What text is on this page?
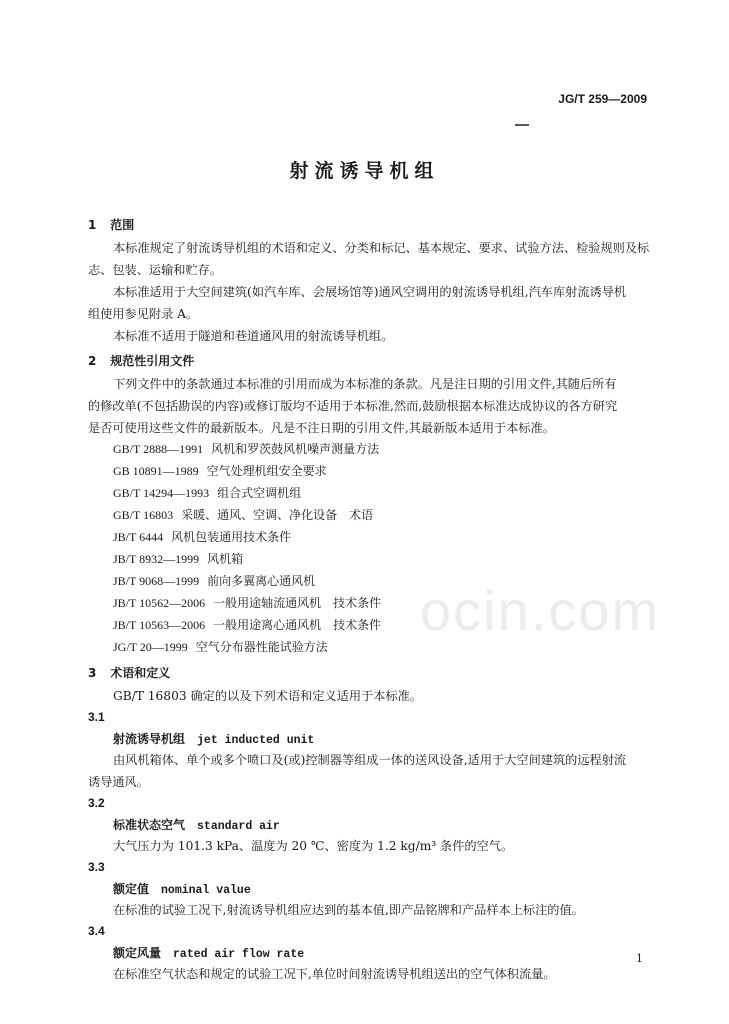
JG/T 259—2009
射流诱导机组
ocin.com
1 范围
本标准规定了射流诱导机组的术语和定义、分类和标记、基本规定、要求、试验方法、检验规则及标
志、包装、运输和贮存。
本标准适用于大空间建筑(如汽车库、会展场馆等)通风空调用的射流诱导机组,汽车库射流诱导机
组使用参见附录 A。
本标准不适用于隧道和巷道通风用的射流诱导机组。
2 规范性引用文件
下列文件中的条款通过本标准的引用而成为本标准的条款。凡是注日期的引用文件,其随后所有
的修改单(不包括勘误的内容)或修订版均不适用于本标准,然而,鼓励根据本标准达成协议的各方研究
是否可使用这些文件的最新版本。凡是不注日期的引用文件,其最新版本适用于本标准。
GB/T 2888—1991 风机和罗茨鼓风机噪声测量方法
GB 10891—1989 空气处理机组安全要求
GB/T 14294—1993 组合式空调机组
GB/T 16803 采暖、通风、空调、净化设备　术语
JB/T 6444 风机包装通用技术条件
JB/T 8932—1999 风机箱
JB/T 9068—1999 前向多翼离心通风机
JB/T 10562—2006 一般用途轴流通风机　技术条件
JB/T 10563—2006 一般用途离心通风机　技术条件
JG/T 20—1999 空气分布器性能试验方法
3 术语和定义
GB/T 16803 确定的以及下列术语和定义适用于本标准。
3.1
射流诱导机组 jet inducted unit
由风机箱体、单个或多个喷口及(或)控制器等组成一体的送风设备,适用于大空间建筑的远程射流
诱导通风。
3.2
标准状态空气 standard air
大气压力为 101.3 kPa、温度为 20 ℃、密度为 1.2 kg/m³ 条件的空气。
3.3
额定值 nominal value
在标准的试验工况下,射流诱导机组应达到的基本值,即产品铭牌和产品样本上标注的值。
3.4
额定风量 rated air flow rate
在标准空气状态和规定的试验工况下,单位时间射流诱导机组送出的空气体积流量。
1
